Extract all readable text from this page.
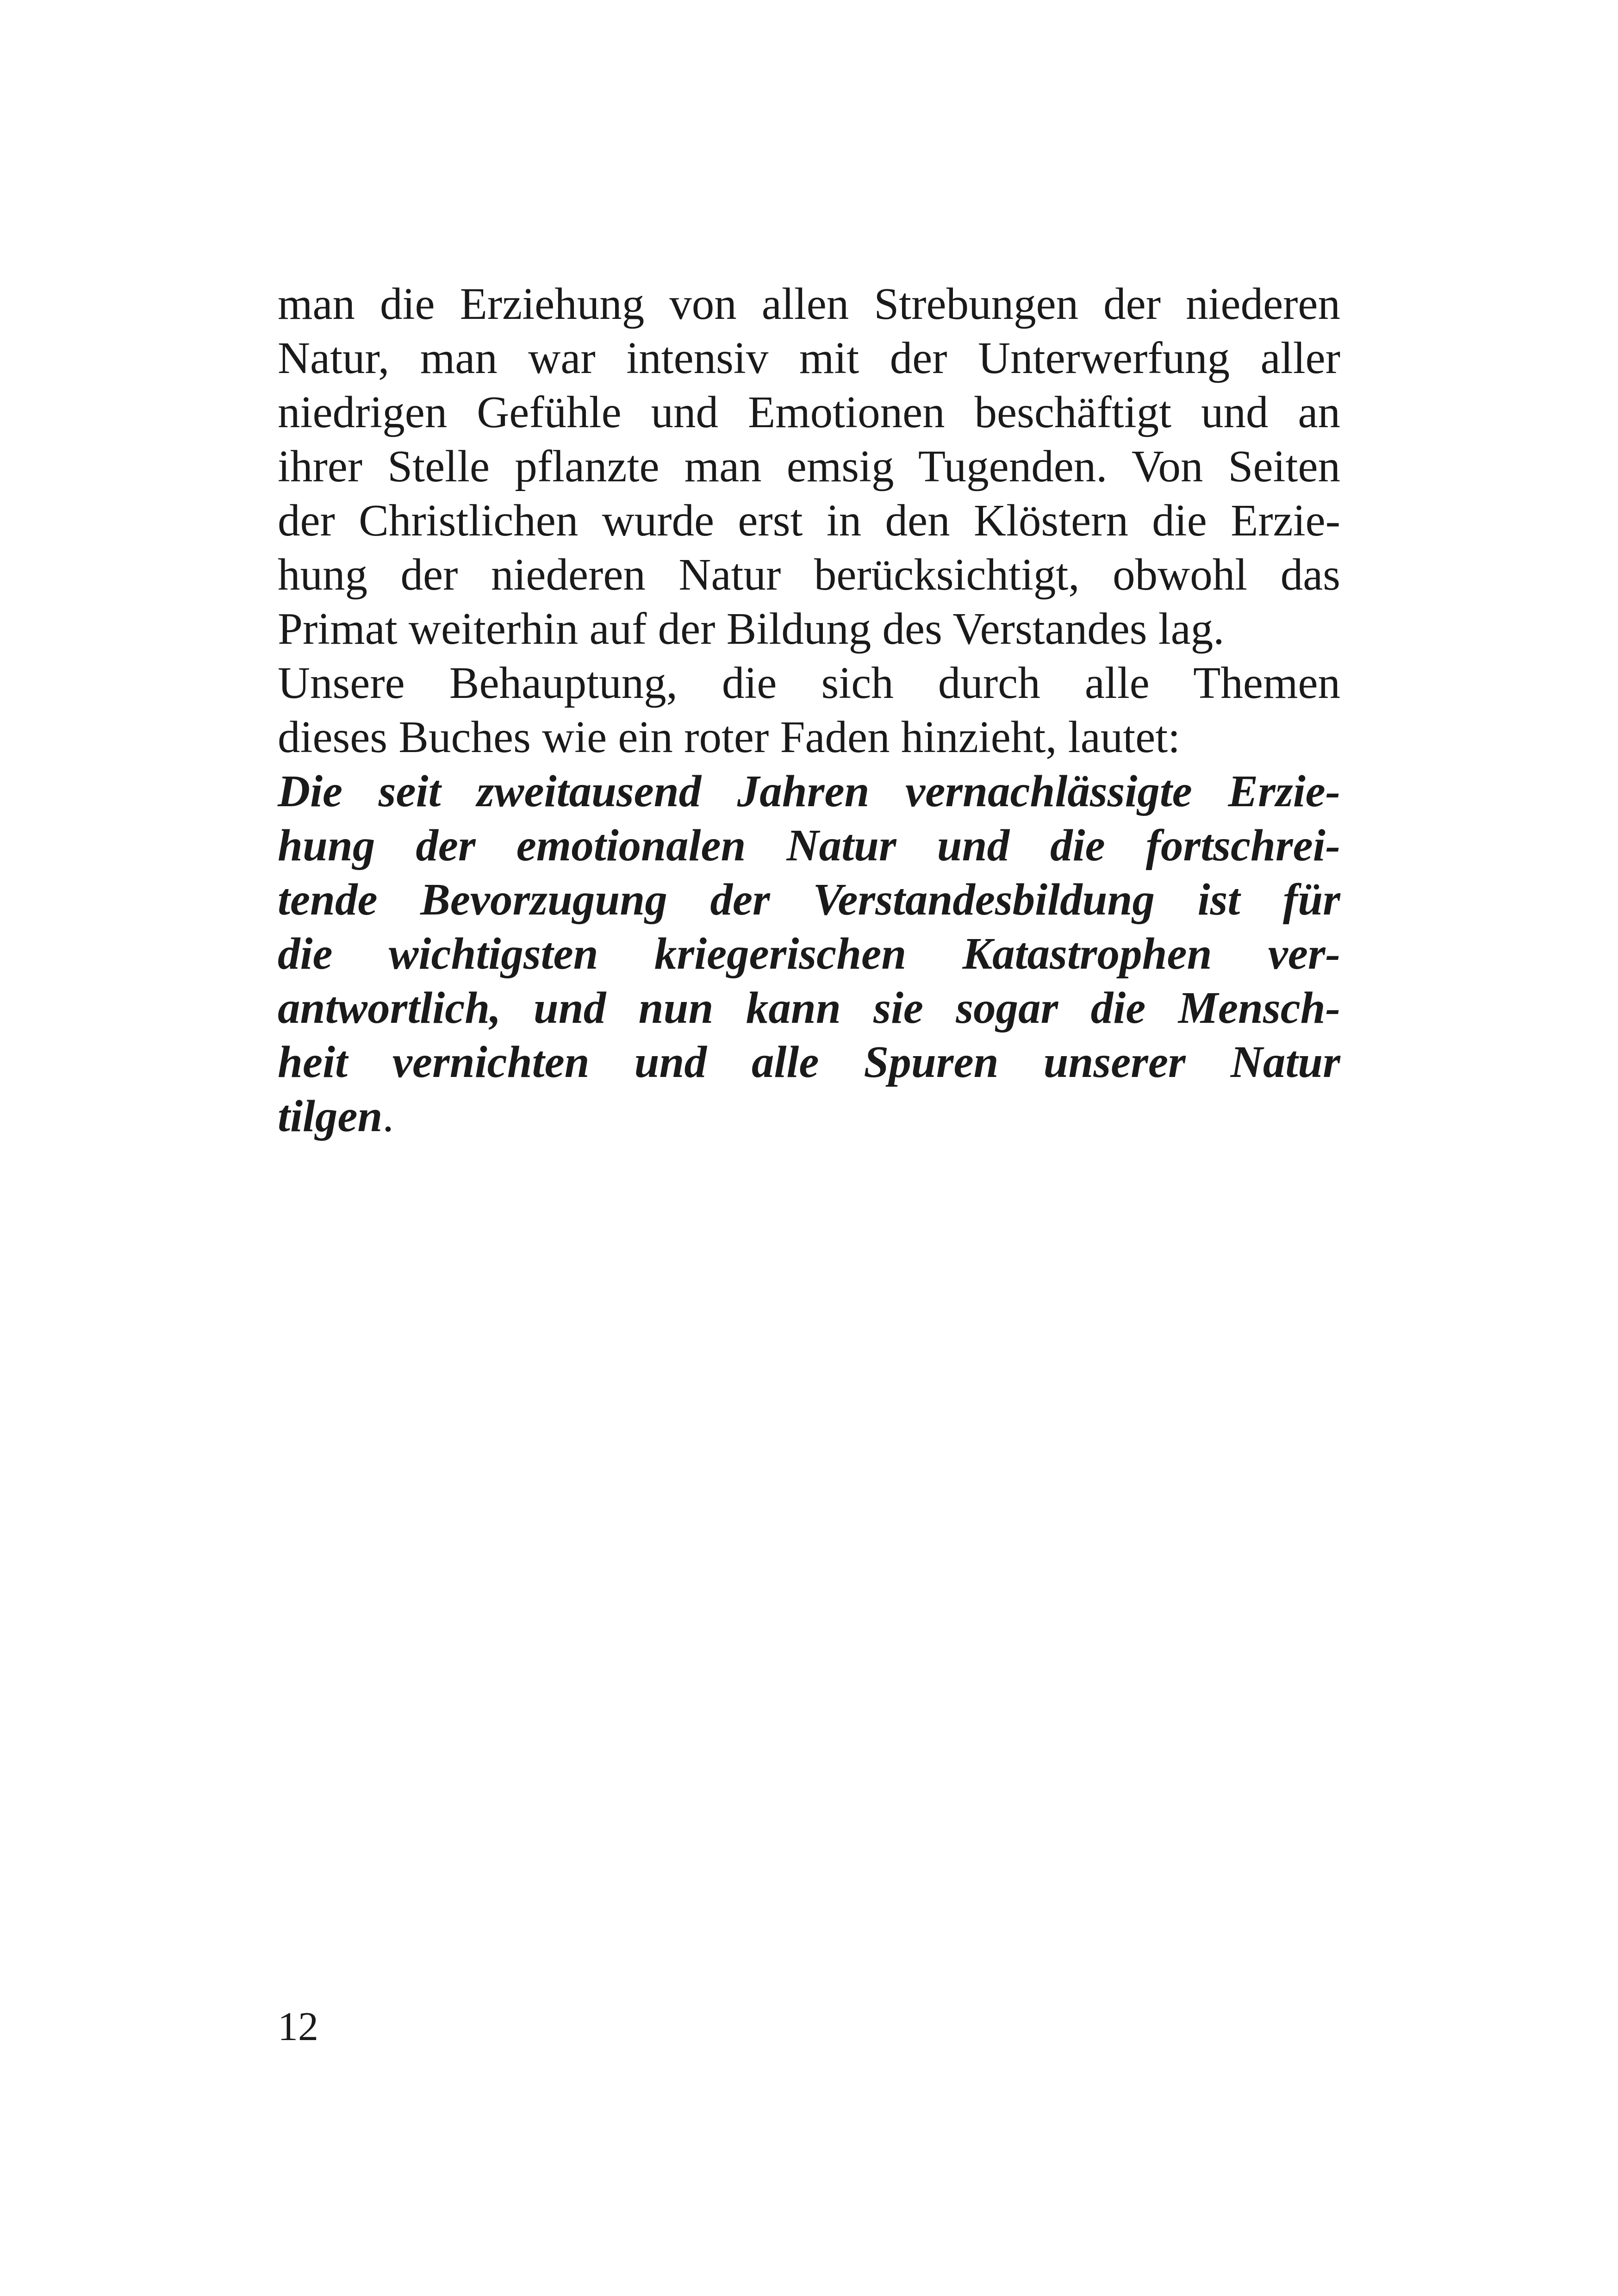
man die Erziehung von allen Strebungen der niederen
Natur, man war intensiv mit der Unterwerfung aller
niedrigen Gefühle und Emotionen beschäftigt und an
ihrer Stelle pflanzte man emsig Tugenden. Von Seiten
der Christlichen wurde erst in den Klöstern die Erzie-
hung der niederen Natur berücksichtigt, obwohl das
Primat weiterhin auf der Bildung des Verstandes lag.
Unsere Behauptung, die sich durch alle Themen
dieses Buches wie ein roter Faden hinzieht, lautet:
Die seit zweitausend Jahren vernachlässigte Erzie-
hung der emotionalen Natur und die fortschrei-
tende Bevorzugung der Verstandesbildung ist für
die wichtigsten kriegerischen Katastrophen ver-
antwortlich, und nun kann sie sogar die Mensch-
heit vernichten und alle Spuren unserer Natur
tilgen.
12
